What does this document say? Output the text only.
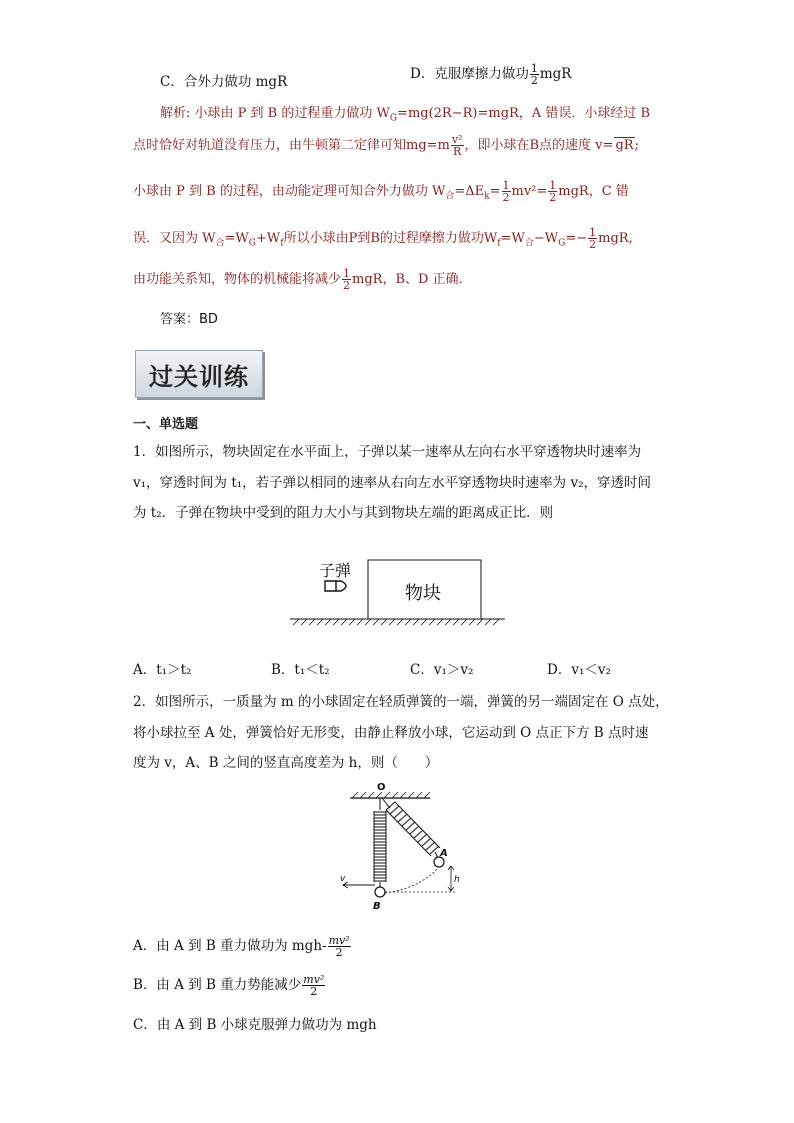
C．合外力做功 mgR	D．克服摩擦力做功 $\frac{1}{2}$ mgR
解析: 小球由 P 到 B 的过程重力做功 $W_G=mg(2R-R)=mgR$，A 错误．小球经过 B
点时恰好对轨道没有压力，由牛顿第二定律可知$mg=m \frac{\text{v²}}{R}$ ，即小球在B点的速度 v= gR;
小球由 P 到 B 的过程，由动能定理可知合外力做功 $W_合=\Delta E_k= \frac{1}{2} mv^2= \frac{1}{2}$ mgR，C 错
误．又因为 $W_合=W_G+W_f$所以小球由P到B的过程摩擦力做功$W_f=W_合-W_G=- \frac{1}{2}$ mgR,
由功能关系知，物体的机械能将减少 $\frac{1}{2}$ mgR，B、D 正确．
答案：BD
过关训练
一、单选题
1．如图所示，物块固定在水平面上，子弹以某一速率从左向右水平穿透物块时速率为
v₁，穿透时间为 t₁，若子弹以相同的速率从右向左水平穿透物块时速率为 v₂，穿透时间
为 t₂．子弹在物块中受到的阻力大小与其到物块左端的距离成正比．则
子弹
物块
A．t₁＞t₂	B．t₁＜t₂	C．v₁＞v₂	D．v₁＜v₂
2．如图所示，一质量为 m 的小球固定在轻质弹簧的一端，弹簧的另一端固定在 O 点处，
将小球拉至 A 处，弹簧恰好无形变，由静止释放小球，它运动到 O 点正下方 B 点时速
度为 v，A、B 之间的竖直高度差为 h，则（　　）
O
A
B
h
v
A．由 A 到 B 重力做功为 $mgh- \frac{\text{mv²}}{2}$
B．由 A 到 B 重力势能减少 $\frac{\text{mv²}}{2}$
C．由 A 到 B 小球克服弹力做功为 mgh
